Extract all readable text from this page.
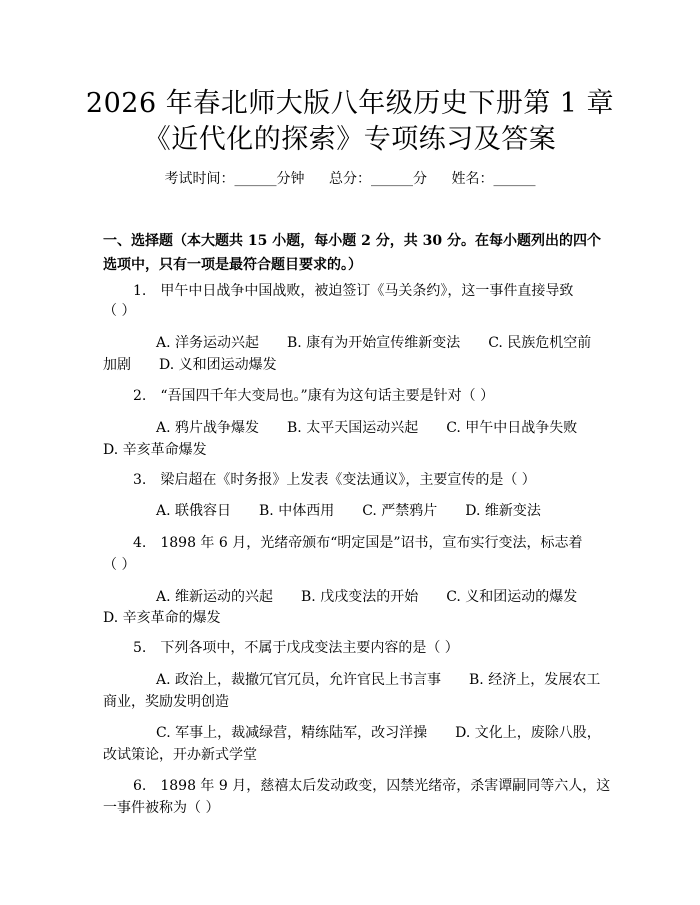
2026 年春北师大版八年级历史下册第 1 章
《近代化的探索》专项练习及答案
考试时间：______分钟 总分：______分 姓名：______
一、选择题（本大题共 15 小题，每小题 2 分，共 30 分。在每小题列出的四个选项中，只有一项是最符合题目要求的。）
1.　甲午中日战争中国战败，被迫签订《马关条约》，这一事件直接导致
（ ）
A. 洋务运动兴起　　B. 康有为开始宣传维新变法　　C. 民族危机空前
加剧　　D. 义和团运动爆发
2.　“吾国四千年大变局也。”康有为这句话主要是针对（ ）
A. 鸦片战争爆发　　B. 太平天国运动兴起　　C. 甲午中日战争失败
D. 辛亥革命爆发
3.　梁启超在《时务报》上发表《变法通议》，主要宣传的是（ ）
A. 联俄容日　　B. 中体西用　　C. 严禁鸦片　　D. 维新变法
4.　1898 年 6 月，光绪帝颁布“明定国是”诏书，宣布实行变法，标志着
（ ）
A. 维新运动的兴起　　B. 戊戌变法的开始　　C. 义和团运动的爆发
D. 辛亥革命的爆发
5.　下列各项中，不属于戊戌变法主要内容的是（ ）
A. 政治上，裁撤冗官冗员，允许官民上书言事　　B. 经济上，发展农工
商业，奖励发明创造
C. 军事上，裁减绿营，精练陆军，改习洋操　　D. 文化上，废除八股，
改试策论，开办新式学堂
6.　1898 年 9 月，慈禧太后发动政变，囚禁光绪帝，杀害谭嗣同等六人，这
一事件被称为（ ）
